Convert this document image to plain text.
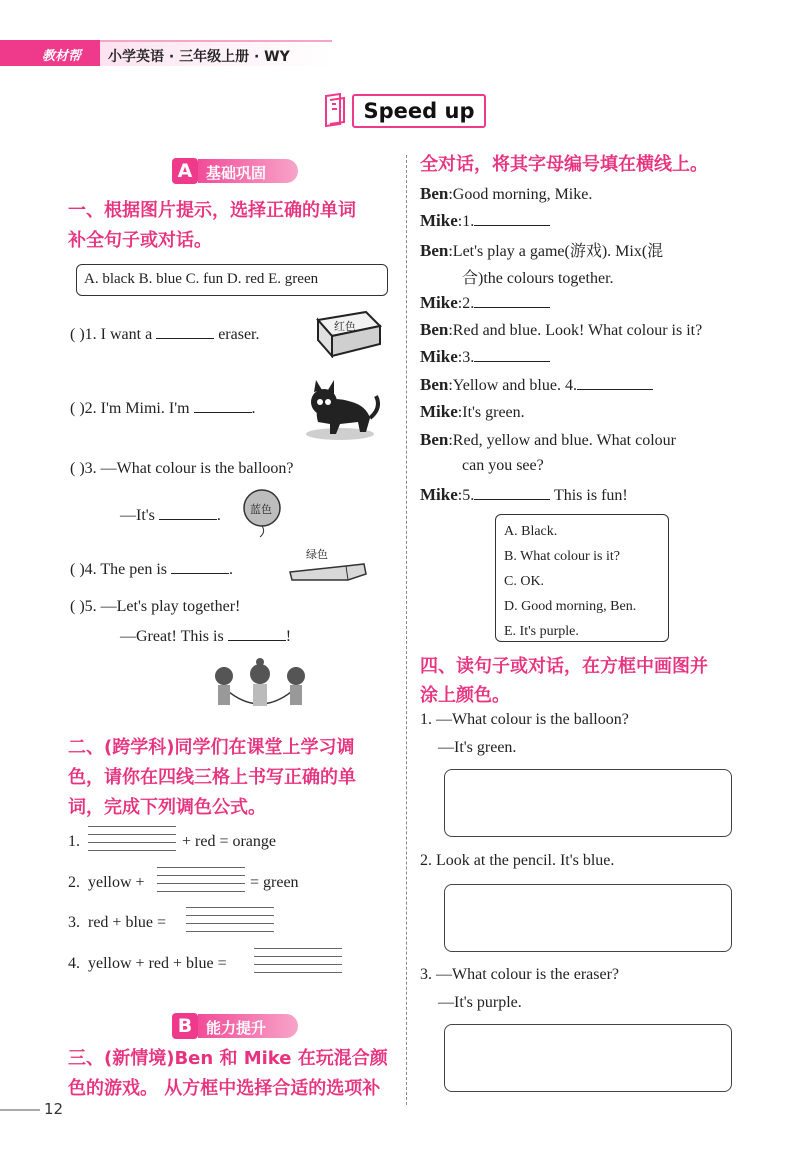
教材帮	小学英语 · 三年级上册 · WY
Speed up
A 基础巩固
一、根据图片提示，选择正确的单词
补全句子或对话。
A. black B. blue C. fun D. red E. green
( )1. I want a	eraser.	红色
( )2. I'm Mimi. I'm	.
( )3. —What colour is the balloon?
—It's	.	蓝色
( )4. The pen is	.
绿色
( )5. —Let's play together!
—Great! This is	!
二、(跨学科)同学们在课堂上学习调
色，请你在四线三格上书写正确的单
词，完成下列调色公式。
1.	+ red = orange
2. yellow +	= green
3. red + blue =
4. yellow + red + blue =
B 能力提升
三、(新情境)Ben 和 Mike 在玩混合颜
色的游戏。 从方框中选择合适的选项补
全对话，将其字母编号填在横线上。
Ben:Good morning, Mike.
Mike:1.
Ben:Let's play a game(游戏). Mix(混
合)the colours together.
Mike:2.
Ben:Red and blue. Look! What colour is it?
Mike:3.
Ben:Yellow and blue. 4.
Mike:It's green.
Ben:Red, yellow and blue. What colour
can you see?
Mike:5.	This is fun!
A. Black.
B. What colour is it?
C. OK.
D. Good morning, Ben.
E. It's purple.
四、读句子或对话，在方框中画图并
涂上颜色。
1. —What colour is the balloon?
—It's green.
2. Look at the pencil. It's blue.
3. —What colour is the eraser?
—It's purple.
12
